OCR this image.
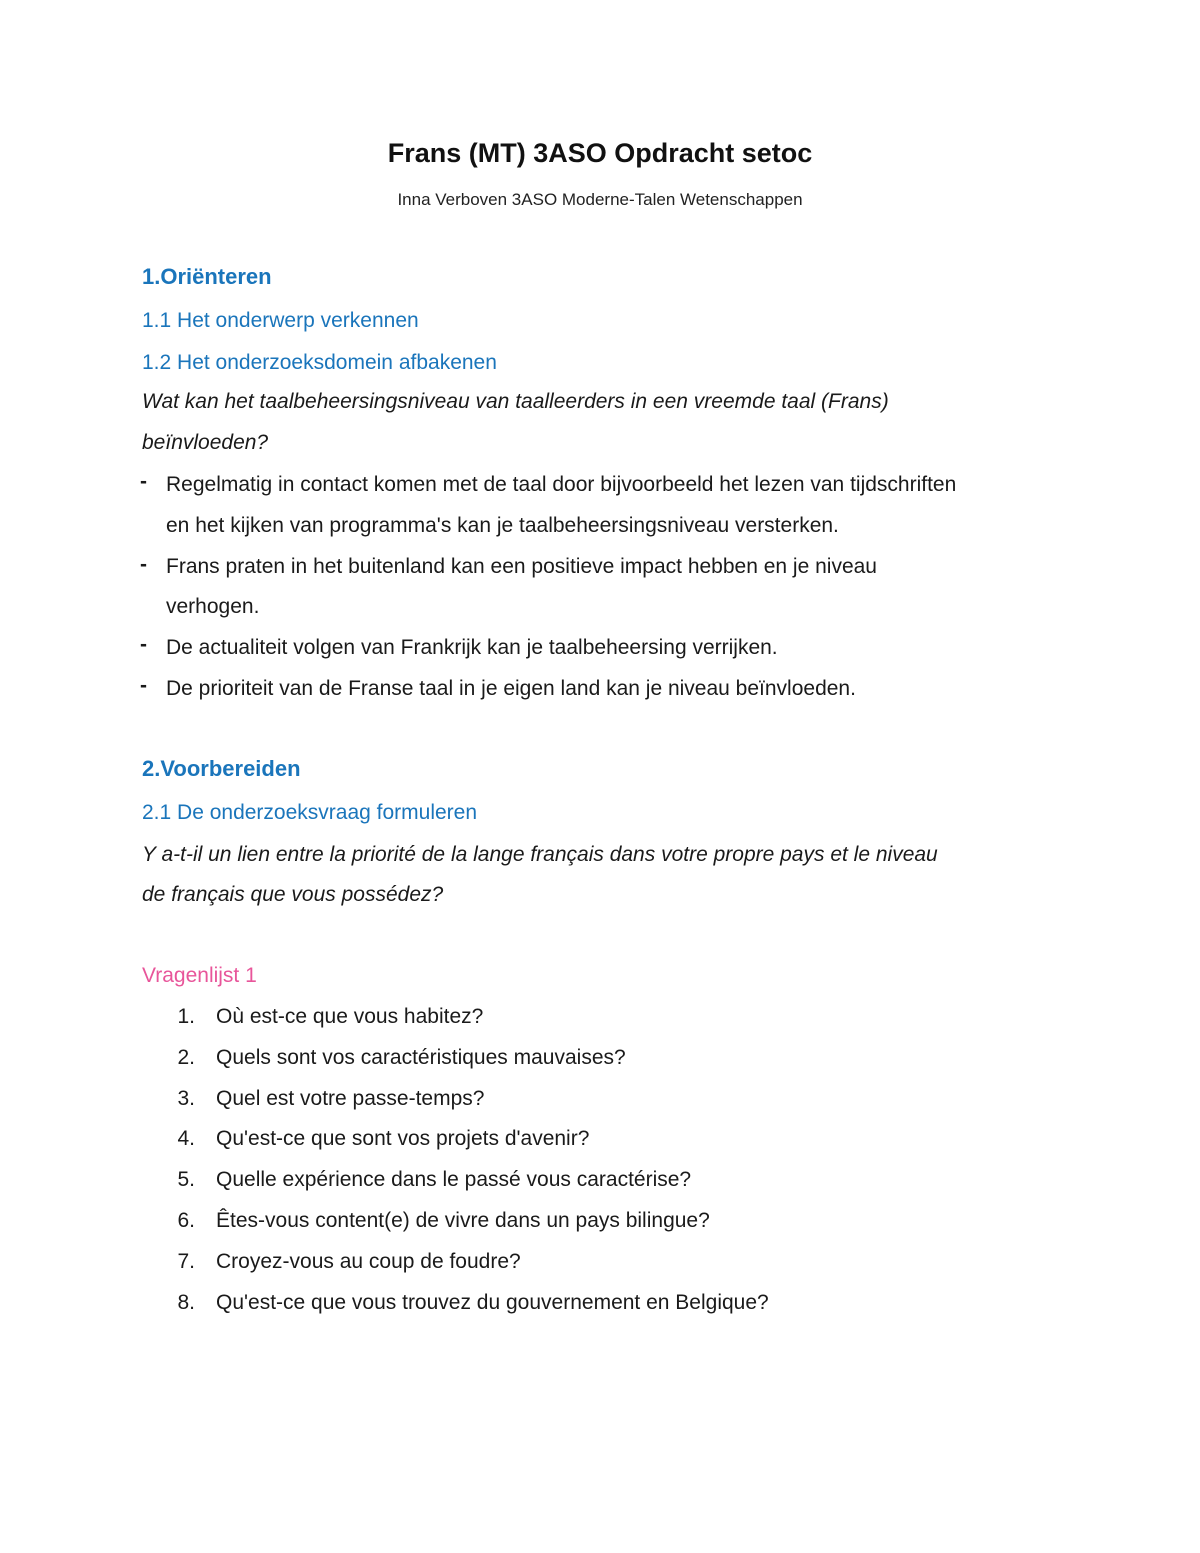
Frans (MT) 3ASO Opdracht setoc
Inna Verboven 3ASO Moderne-Talen Wetenschappen
1.Oriënteren
1.1 Het onderwerp verkennen
1.2 Het onderzoeksdomein afbakenen
Wat kan het taalbeheersingsniveau van taalleerders in een vreemde taal (Frans)
beïnvloeden?
- Regelmatig in contact komen met de taal door bijvoorbeeld het lezen van tijdschriften
en het kijken van programma's kan je taalbeheersingsniveau versterken.
- Frans praten in het buitenland kan een positieve impact hebben en je niveau
verhogen.
- De actualiteit volgen van Frankrijk kan je taalbeheersing verrijken.
- De prioriteit van de Franse taal in je eigen land kan je niveau beïnvloeden.
2.Voorbereiden
2.1 De onderzoeksvraag formuleren
Y a-t-il un lien entre la priorité de la lange français dans votre propre pays et le niveau
de français que vous possédez?
Vragenlijst 1
1. Où est-ce que vous habitez?
2. Quels sont vos caractéristiques mauvaises?
3. Quel est votre passe-temps?
4. Qu'est-ce que sont vos projets d'avenir?
5. Quelle expérience dans le passé vous caractérise?
6. Êtes-vous content(e) de vivre dans un pays bilingue?
7. Croyez-vous au coup de foudre?
8. Qu'est-ce que vous trouvez du gouvernement en Belgique?
